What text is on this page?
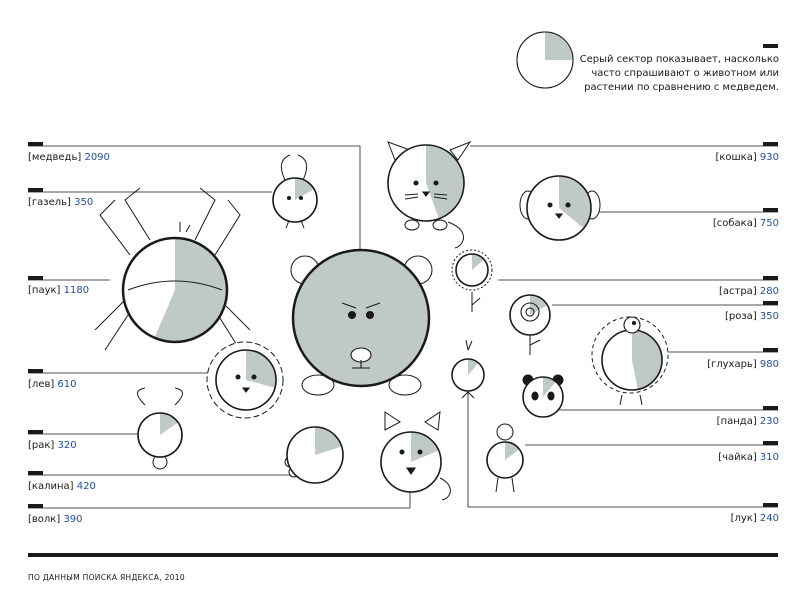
Серый сектор показывает, насколько
часто спрашивают о животном или
растении по сравнению с медведем.
[медведь] 2090
[газель] 350
[паук] 1180
[лев] 610
[рак] 320
[калина] 420
[волк] 390
[кошка] 930
[собака] 750
[астра] 280
[роза] 350
[глухарь] 980
[панда] 230
[чайка] 310
[лук] 240
ПО ДАННЫМ ПОИСКА ЯНДЕКСА, 2010
